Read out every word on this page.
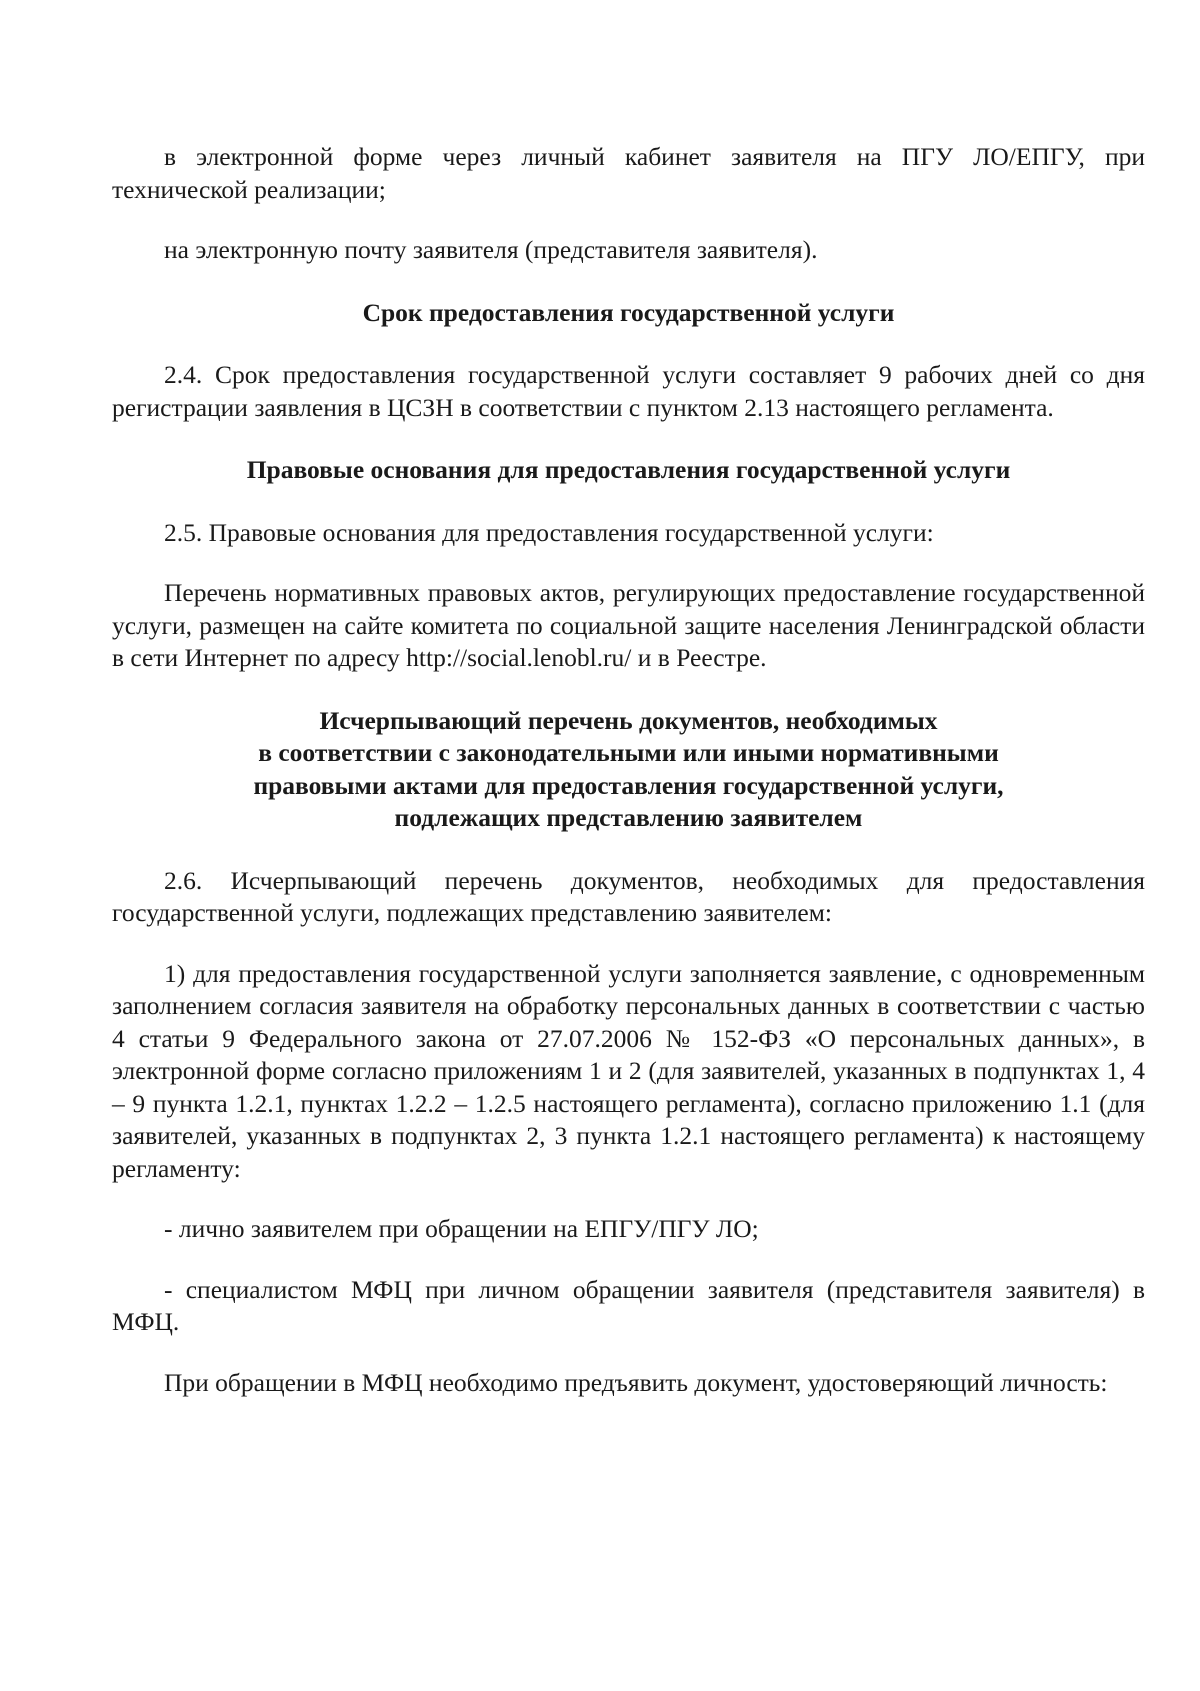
в электронной форме через личный кабинет заявителя на ПГУ ЛО/ЕПГУ, при технической реализации;

на электронную почту заявителя (представителя заявителя).

Срок предоставления государственной услуги

2.4. Срок предоставления государственной услуги составляет 9 рабочих дней со дня регистрации заявления в ЦСЗН в соответствии с пунктом 2.13 настоящего регламента.

Правовые основания для предоставления государственной услуги

2.5. Правовые основания для предоставления государственной услуги:

Перечень нормативных правовых актов, регулирующих предоставление государственной услуги, размещен на сайте комитета по социальной защите населения Ленинградской области в сети Интернет по адресу http://social.lenobl.ru/ и в Реестре.

Исчерпывающий перечень документов, необходимых
в соответствии с законодательными или иными нормативными
правовыми актами для предоставления государственной услуги,
подлежащих представлению заявителем

2.6. Исчерпывающий перечень документов, необходимых для предоставления государственной услуги, подлежащих представлению заявителем:

1) для предоставления государственной услуги заполняется заявление, с одновременным заполнением согласия заявителя на обработку персональных данных в соответствии с частью 4 статьи 9 Федерального закона от 27.07.2006 № 152-ФЗ «О персональных данных», в электронной форме согласно приложениям 1 и 2 (для заявителей, указанных в подпунктах 1, 4 – 9 пункта 1.2.1, пунктах 1.2.2 – 1.2.5 настоящего регламента), согласно приложению 1.1 (для заявителей, указанных в подпунктах 2, 3 пункта 1.2.1 настоящего регламента) к настоящему регламенту:

- лично заявителем при обращении на ЕПГУ/ПГУ ЛО;

- специалистом МФЦ при личном обращении заявителя (представителя заявителя) в МФЦ.

При обращении в МФЦ необходимо предъявить документ, удостоверяющий личность:
